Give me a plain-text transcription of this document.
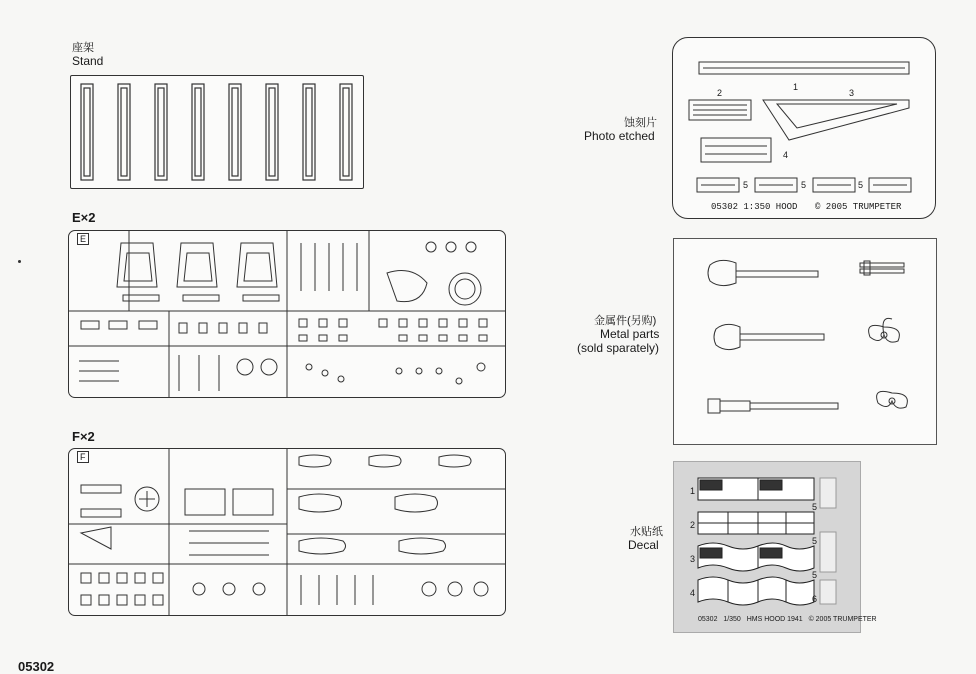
座架
Stand
E×2
E
F×2
F
蚀刻片
Photo etched
1
2	3
4
5	5	5
05302 1:350 HOOD © 2005 TRUMPETER
金属件(另购)
Metal parts
(sold sparately)
水贴纸
Decal
1
2
3
4
5
5
5
6
05302 1/350 HMS HOOD 1941 © 2005 TRUMPETER
05302
